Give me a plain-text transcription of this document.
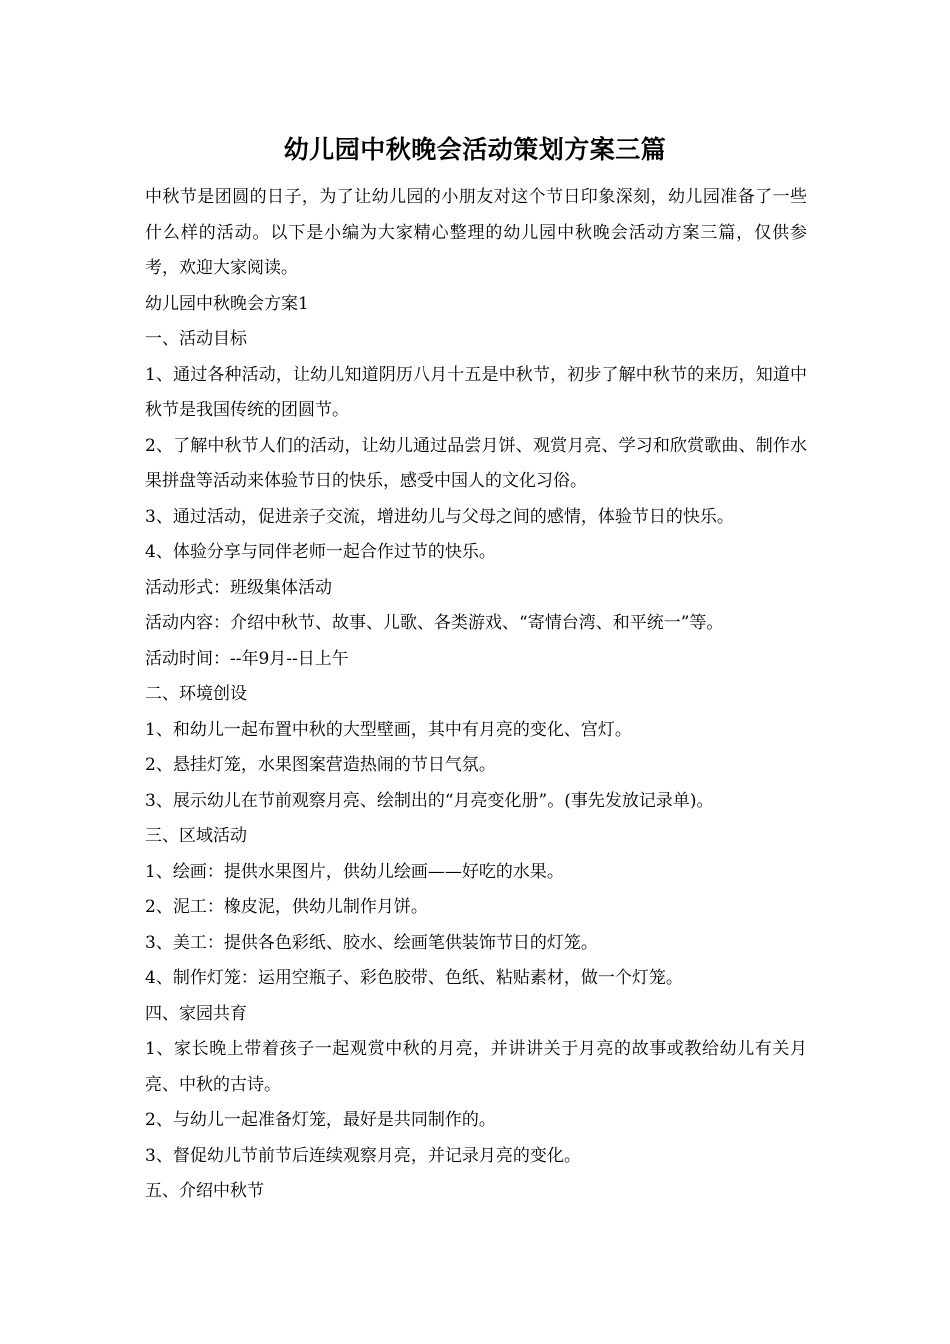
幼儿园中秋晚会活动策划方案三篇

中秋节是团圆的日子，为了让幼儿园的小朋友对这个节日印象深刻，幼儿园准备了一些什么样的活动。以下是小编为大家精心整理的幼儿园中秋晚会活动方案三篇，仅供参考，欢迎大家阅读。

幼儿园中秋晚会方案1

一、活动目标

1、通过各种活动，让幼儿知道阴历八月十五是中秋节，初步了解中秋节的来历，知道中秋节是我国传统的团圆节。

2、了解中秋节人们的活动，让幼儿通过品尝月饼、观赏月亮、学习和欣赏歌曲、制作水果拼盘等活动来体验节日的快乐，感受中国人的文化习俗。

3、通过活动，促进亲子交流，增进幼儿与父母之间的感情，体验节日的快乐。

4、体验分享与同伴老师一起合作过节的快乐。

活动形式：班级集体活动

活动内容：介绍中秋节、故事、儿歌、各类游戏、“寄情台湾、和平统一”等。

活动时间：--年9月--日上午

二、环境创设

1、和幼儿一起布置中秋的大型壁画，其中有月亮的变化、宫灯。

2、悬挂灯笼，水果图案营造热闹的节日气氛。

3、展示幼儿在节前观察月亮、绘制出的“月亮变化册”。(事先发放记录单)。

三、区域活动

1、绘画：提供水果图片，供幼儿绘画——好吃的水果。

2、泥工：橡皮泥，供幼儿制作月饼。

3、美工：提供各色彩纸、胶水、绘画笔供装饰节日的灯笼。

4、制作灯笼：运用空瓶子、彩色胶带、色纸、粘贴素材，做一个灯笼。

四、家园共育

1、家长晚上带着孩子一起观赏中秋的月亮，并讲讲关于月亮的故事或教给幼儿有关月亮、中秋的古诗。

2、与幼儿一起准备灯笼，最好是共同制作的。

3、督促幼儿节前节后连续观察月亮，并记录月亮的变化。

五、介绍中秋节
